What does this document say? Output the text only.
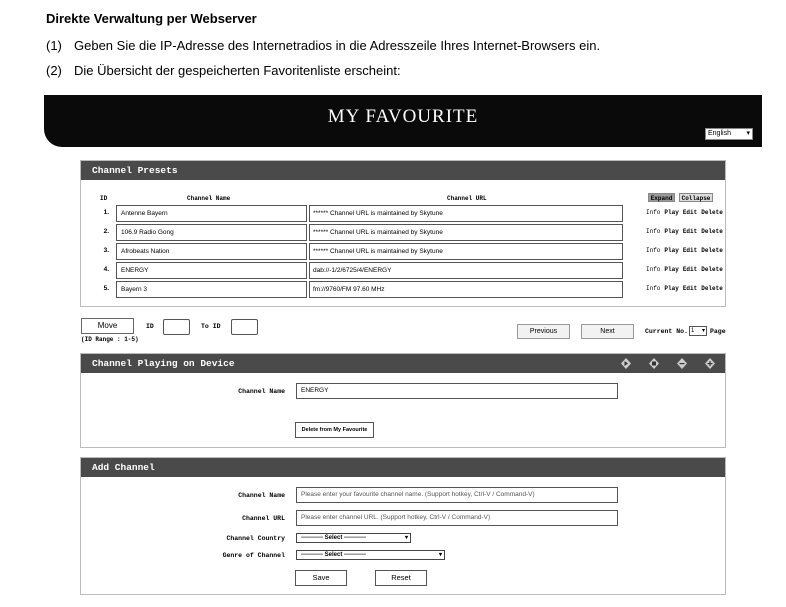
Direkte Verwaltung per Webserver
(1) Geben Sie die IP-Adresse des Internetradios in die Adresszeile Ihres Internet-Browsers ein.
(2) Die Übersicht der gespeicherten Favoritenliste erscheint:
MY FAVOURITE
English ▾
Channel Presets
ID	Channel Name	Channel URL	Expand	Collapse
1.	Antenne Bayern	****** Channel URL is maintained by Skytune	Info Play Edit Delete
2.	106.9 Radio Gong	****** Channel URL is maintained by Skytune	Info Play Edit Delete
3.	Afrobeats Nation	****** Channel URL is maintained by Skytune	Info Play Edit Delete
4.	ENERGY	dab://-1/2/6725/4/ENERGY	Info Play Edit Delete
5.	Bayern 3	fm://9760/FM 97.60 MHz	Info Play Edit Delete
Move	ID	To ID
(ID Range : 1-5)
Previous	Next	Current No. 1 ▾ Page
Channel Playing on Device
Channel Name	ENERGY
Delete from My Favourite
Add Channel
Channel Name	Please enter your favourite channel name. (Support hotkey, Ctrl-V / Command-V)
Channel URL	Please enter channel URL. (Support hotkey, Ctrl-V / Command-V)
Channel Country	----------- Select -----------	▾
Genre of Channel	----------- Select -----------	▾
Save	Reset
